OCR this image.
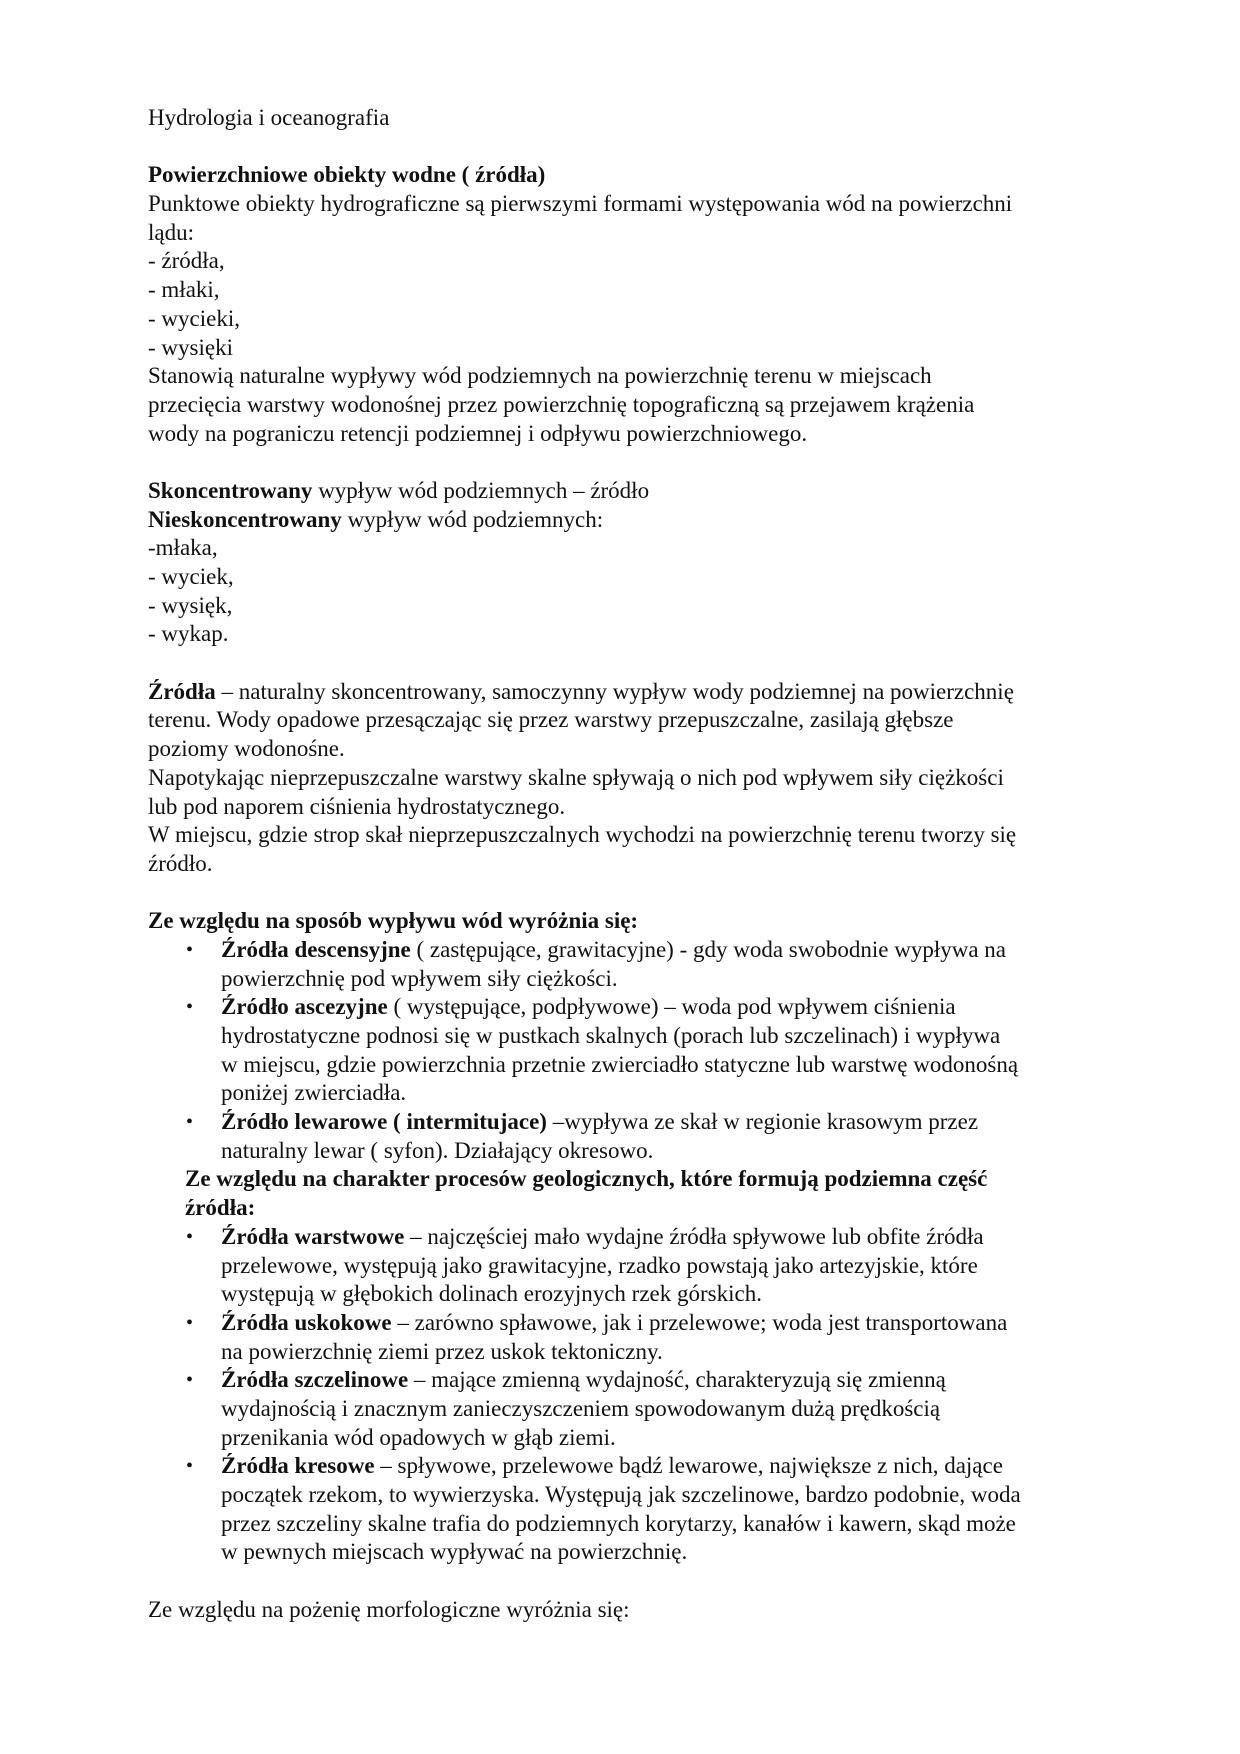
Hydrologia i oceanografia
Powierzchniowe obiekty wodne ( źródła)
Punktowe obiekty hydrograficzne są pierwszymi formami występowania wód na powierzchni
lądu:
- źródła,
- młaki,
- wycieki,
- wysięki
Stanowią naturalne wypływy wód podziemnych na powierzchnię terenu w miejscach
przecięcia warstwy wodonośnej przez powierzchnię topograficzną są przejawem krążenia
wody na pograniczu retencji podziemnej i odpływu powierzchniowego.
Skoncentrowany wypływ wód podziemnych – źródło
Nieskoncentrowany wypływ wód podziemnych:
-młaka,
- wyciek,
- wysięk,
- wykap.
Źródła – naturalny skoncentrowany, samoczynny wypływ wody podziemnej na powierzchnię
terenu. Wody opadowe przesączając się przez warstwy przepuszczalne, zasilają głębsze
poziomy wodonośne.
Napotykając nieprzepuszczalne warstwy skalne spływają o nich pod wpływem siły ciężkości
lub pod naporem ciśnienia hydrostatycznego.
W miejscu, gdzie strop skał nieprzepuszczalnych wychodzi na powierzchnię terenu tworzy się
źródło.
Ze względu na sposób wypływu wód wyróżnia się:
• Źródła descensyjne ( zastępujące, grawitacyjne) - gdy woda swobodnie wypływa na
powierzchnię pod wpływem siły ciężkości.
• Źródło ascezyjne ( występujące, podpływowe) – woda pod wpływem ciśnienia
hydrostatyczne podnosi się w pustkach skalnych (porach lub szczelinach) i wypływa
w miejscu, gdzie powierzchnia przetnie zwierciadło statyczne lub warstwę wodonośną
poniżej zwierciadła.
• Źródło lewarowe ( intermitujace) –wypływa ze skał w regionie krasowym przez
naturalny lewar ( syfon). Działający okresowo.
Ze względu na charakter procesów geologicznych, które formują podziemna część
źródła:
• Źródła warstwowe – najczęściej mało wydajne źródła spływowe lub obfite źródła
przelewowe, występują jako grawitacyjne, rzadko powstają jako artezyjskie, które
występują w głębokich dolinach erozyjnych rzek górskich.
• Źródła uskokowe – zarówno spławowe, jak i przelewowe; woda jest transportowana
na powierzchnię ziemi przez uskok tektoniczny.
• Źródła szczelinowe – mające zmienną wydajność, charakteryzują się zmienną
wydajnością i znacznym zanieczyszczeniem spowodowanym dużą prędkością
przenikania wód opadowych w głąb ziemi.
• Źródła kresowe – spływowe, przelewowe bądź lewarowe, największe z nich, dające
początek rzekom, to wywierzyska. Występują jak szczelinowe, bardzo podobnie, woda
przez szczeliny skalne trafia do podziemnych korytarzy, kanałów i kawern, skąd może
w pewnych miejscach wypływać na powierzchnię.
Ze względu na pożenię morfologiczne wyróżnia się:
